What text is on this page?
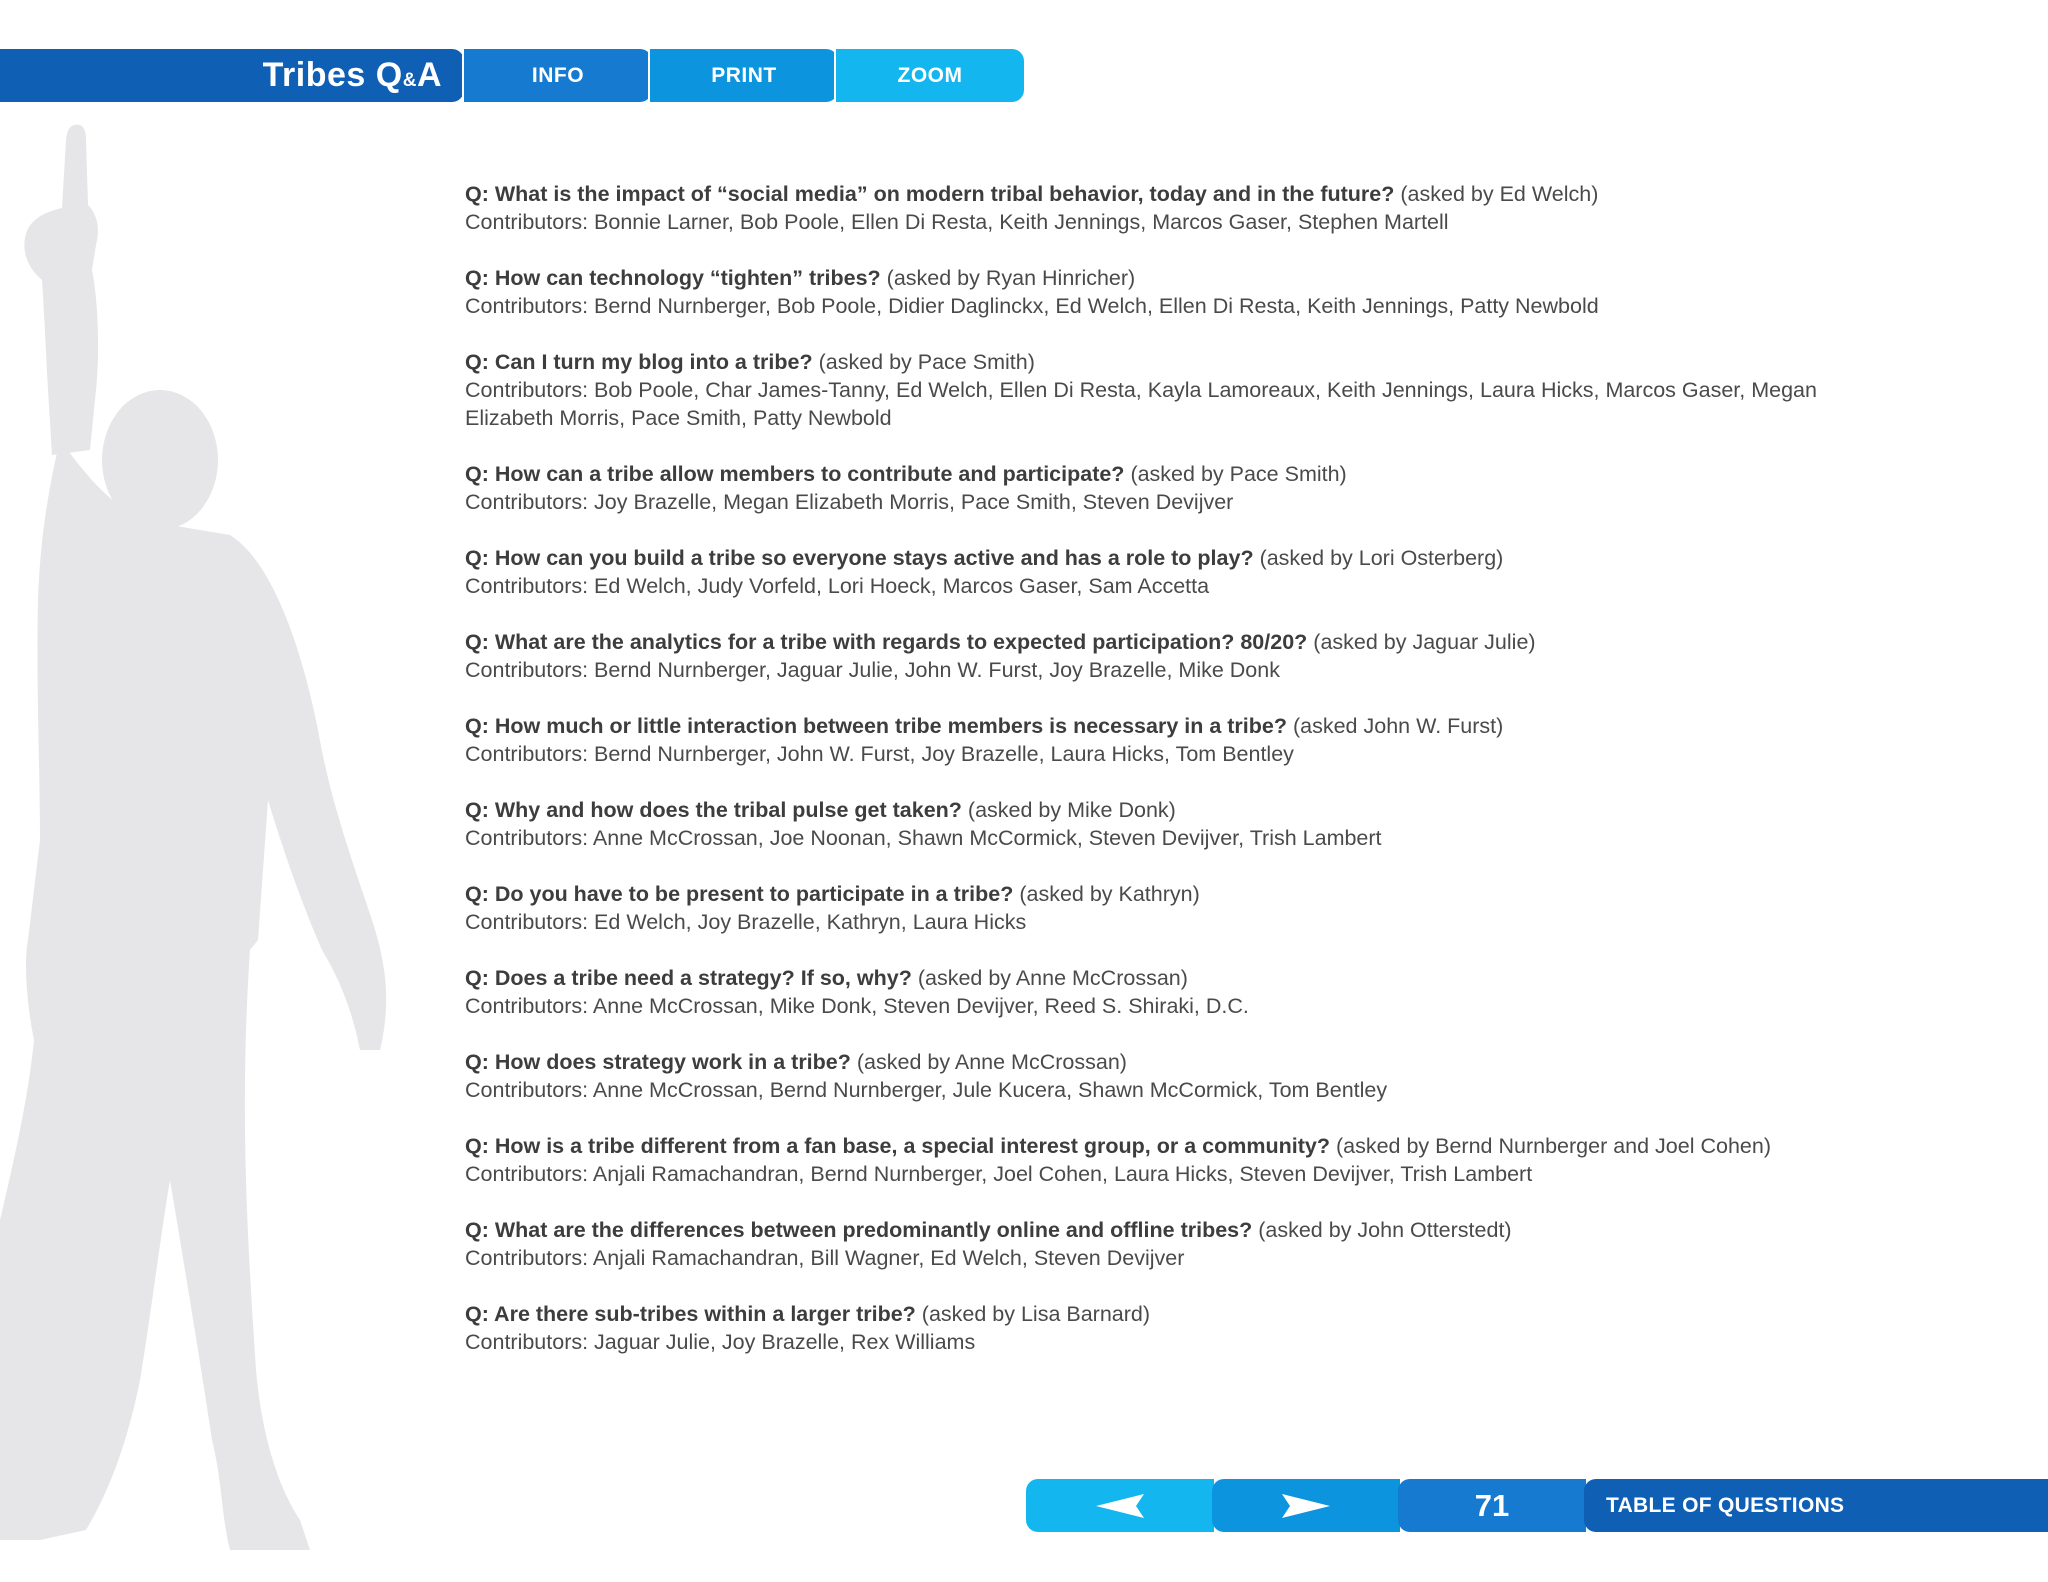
Tribes Q&A	INFO	PRINT	ZOOM
Q: What is the impact of “social media” on modern tribal behavior, today and in the future? (asked by Ed Welch)
Contributors: Bonnie Larner, Bob Poole, Ellen Di Resta, Keith Jennings, Marcos Gaser, Stephen Martell
Q: How can technology “tighten” tribes? (asked by Ryan Hinricher)
Contributors: Bernd Nurnberger, Bob Poole, Didier Daglinckx, Ed Welch, Ellen Di Resta, Keith Jennings, Patty Newbold
Q: Can I turn my blog into a tribe? (asked by Pace Smith)
Contributors: Bob Poole, Char James-Tanny, Ed Welch, Ellen Di Resta, Kayla Lamoreaux, Keith Jennings, Laura Hicks, Marcos Gaser, Megan Elizabeth Morris, Pace Smith, Patty Newbold
Q: How can a tribe allow members to contribute and participate? (asked by Pace Smith)
Contributors: Joy Brazelle, Megan Elizabeth Morris, Pace Smith, Steven Devijver
Q: How can you build a tribe so everyone stays active and has a role to play? (asked by Lori Osterberg)
Contributors: Ed Welch, Judy Vorfeld, Lori Hoeck, Marcos Gaser, Sam Accetta
Q: What are the analytics for a tribe with regards to expected participation? 80/20? (asked by Jaguar Julie)
Contributors: Bernd Nurnberger, Jaguar Julie, John W. Furst, Joy Brazelle, Mike Donk
Q: How much or little interaction between tribe members is necessary in a tribe? (asked John W. Furst)
Contributors: Bernd Nurnberger, John W. Furst, Joy Brazelle, Laura Hicks, Tom Bentley
Q: Why and how does the tribal pulse get taken? (asked by Mike Donk)
Contributors: Anne McCrossan, Joe Noonan, Shawn McCormick, Steven Devijver, Trish Lambert
Q: Do you have to be present to participate in a tribe? (asked by Kathryn)
Contributors: Ed Welch, Joy Brazelle, Kathryn, Laura Hicks
Q: Does a tribe need a strategy? If so, why? (asked by Anne McCrossan)
Contributors: Anne McCrossan, Mike Donk, Steven Devijver, Reed S. Shiraki, D.C.
Q: How does strategy work in a tribe? (asked by Anne McCrossan)
Contributors: Anne McCrossan, Bernd Nurnberger, Jule Kucera, Shawn McCormick, Tom Bentley
Q: How is a tribe different from a fan base, a special interest group, or a community? (asked by Bernd Nurnberger and Joel Cohen)
Contributors: Anjali Ramachandran, Bernd Nurnberger, Joel Cohen, Laura Hicks, Steven Devijver, Trish Lambert
Q: What are the differences between predominantly online and offline tribes? (asked by John Otterstedt)
Contributors: Anjali Ramachandran, Bill Wagner, Ed Welch, Steven Devijver
Q: Are there sub-tribes within a larger tribe? (asked by Lisa Barnard)
Contributors: Jaguar Julie, Joy Brazelle, Rex Williams
71	TABLE OF QUESTIONS
